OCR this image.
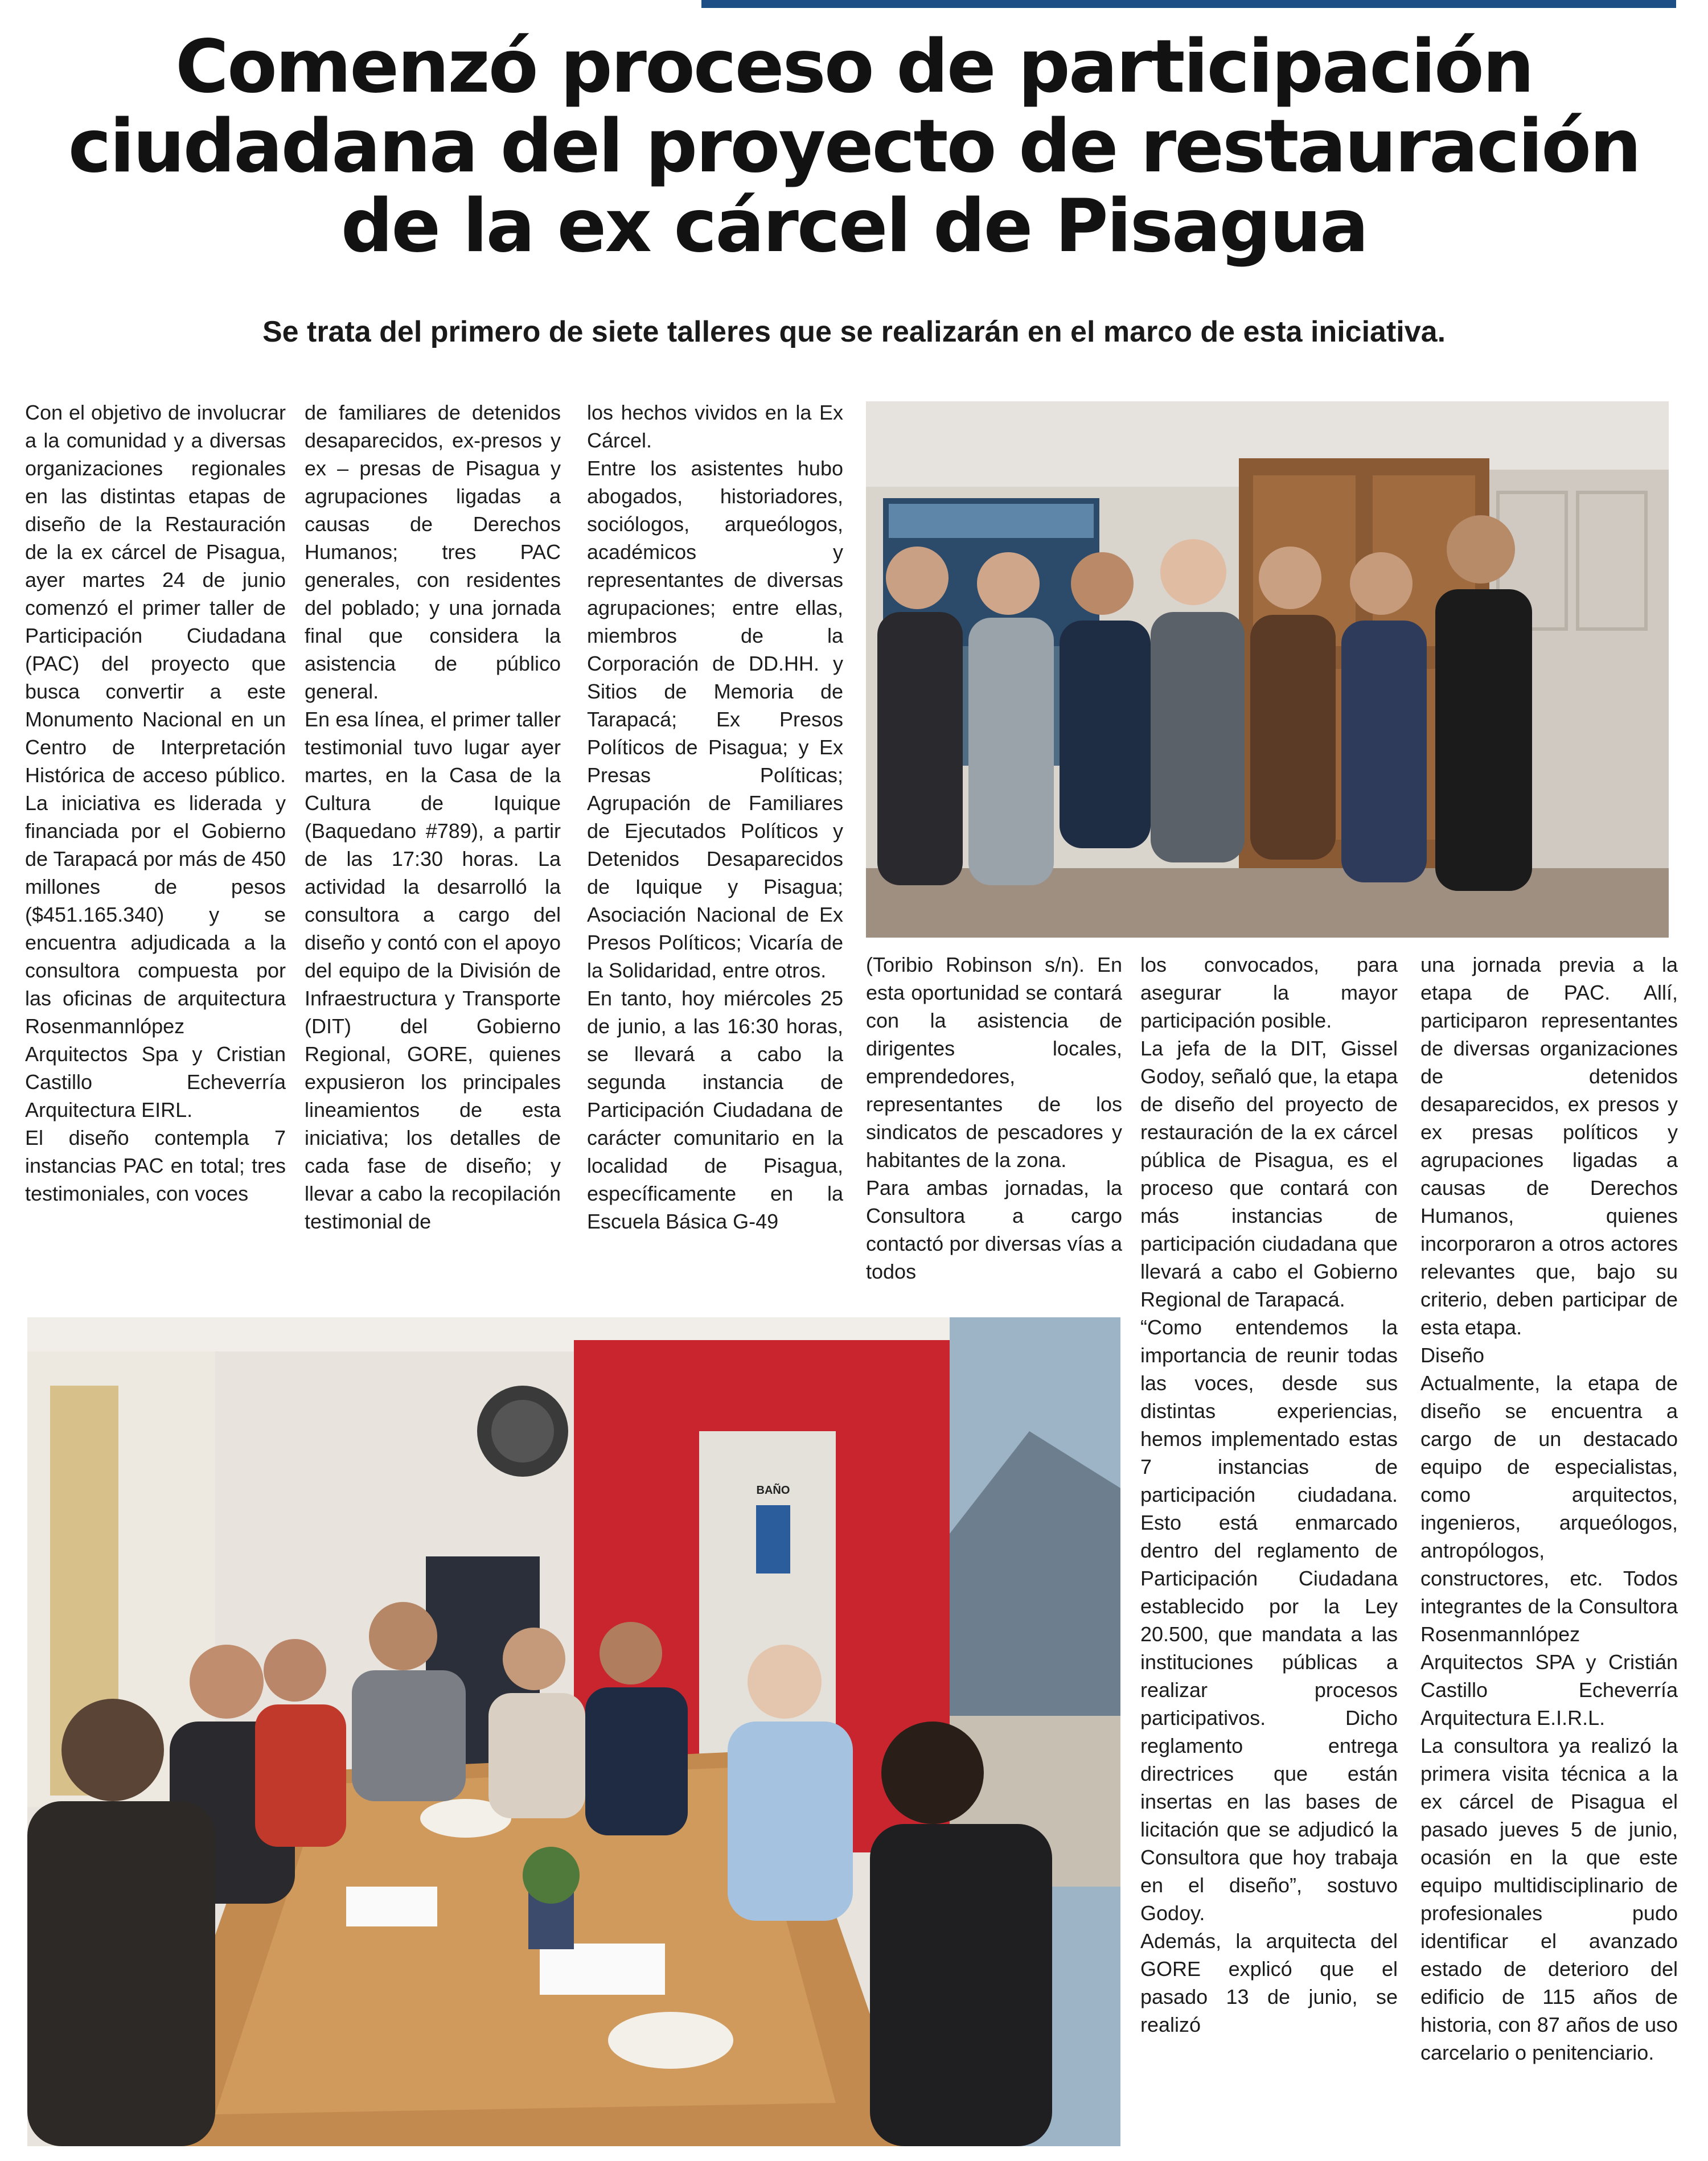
Comenzó proceso de participación ciudadana del proyecto de restauración de la ex cárcel de Pisagua
Se trata del primero de siete talleres que se realizarán en el marco de esta iniciativa.

Con el objetivo de involucrar a la comunidad y a diversas organizaciones regionales en las distintas etapas de diseño de la Restauración de la ex cárcel de Pisagua, ayer martes 24 de junio comenzó el primer taller de Participación Ciudadana (PAC) del proyecto que busca convertir a este Monumento Nacional en un Centro de Interpretación Histórica de acceso público. La iniciativa es liderada y financiada por el Gobierno de Tarapacá por más de 450 millones de pesos ($451.165.340) y se encuentra adjudicada a la consultora compuesta por las oficinas de arquitectura Rosenmannlópez Arquitectos Spa y Cristian Castillo Echeverría Arquitectura EIRL.

El diseño contempla 7 instancias PAC en total; tres testimoniales, con voces

de familiares de detenidos desaparecidos, ex-presos y ex – presas de Pisagua y agrupaciones ligadas a causas de Derechos Humanos; tres PAC generales, con residentes del poblado; y una jornada final que considera la asistencia de público general.

En esa línea, el primer taller testimonial tuvo lugar ayer martes, en la Casa de la Cultura de Iquique (Baquedano #789), a partir de las 17:30 horas. La actividad la desarrolló la consultora a cargo del diseño y contó con el apoyo del equipo de la División de Infraestructura y Transporte (DIT) del Gobierno Regional, GORE, quienes expusieron los principales lineamientos de esta iniciativa; los detalles de cada fase de diseño; y llevar a cabo la recopilación testimonial de

los hechos vividos en la Ex Cárcel.

Entre los asistentes hubo abogados, historiadores, sociólogos, arqueólogos, académicos y representantes de diversas agrupaciones; entre ellas, miembros de la Corporación de DD.HH. y Sitios de Memoria de Tarapacá; Ex Presos Políticos de Pisagua; y Ex Presas Políticas; Agrupación de Familiares de Ejecutados Políticos y Detenidos Desaparecidos de Iquique y Pisagua; Asociación Nacional de Ex Presos Políticos; Vicaría de la Solidaridad, entre otros.

En tanto, hoy miércoles 25 de junio, a las 16:30 horas, se llevará a cabo la segunda instancia de Participación Ciudadana de carácter comunitario en la localidad de Pisagua, específicamente en la Escuela Básica G-49

(Toribio Robinson s/n). En esta oportunidad se contará con la asistencia de dirigentes locales, emprendedores, representantes de los sindicatos de pescadores y habitantes de la zona.

Para ambas jornadas, la Consultora a cargo contactó por diversas vías a todos

los convocados, para asegurar la mayor participación posible.

La jefa de la DIT, Gissel Godoy, señaló que, la etapa de diseño del proyecto de restauración de la ex cárcel pública de Pisagua, es el proceso que contará con más instancias de participación ciudadana que llevará a cabo el Gobierno Regional de Tarapacá.

“Como entendemos la importancia de reunir todas las voces, desde sus distintas experiencias, hemos implementado estas 7 instancias de participación ciudadana. Esto está enmarcado dentro del reglamento de Participación Ciudadana establecido por la Ley 20.500, que mandata a las instituciones públicas a realizar procesos participativos. Dicho reglamento entrega directrices que están insertas en las bases de licitación que se adjudicó la Consultora que hoy trabaja en el diseño”, sostuvo Godoy.

Además, la arquitecta del GORE explicó que el pasado 13 de junio, se realizó

una jornada previa a la etapa de PAC. Allí, participaron representantes de diversas organizaciones de detenidos desaparecidos, ex presos y ex presas políticos y agrupaciones ligadas a causas de Derechos Humanos, quienes incorporaron a otros actores relevantes que, bajo su criterio, deben participar de esta etapa.

Diseño

Actualmente, la etapa de diseño se encuentra a cargo de un destacado equipo de especialistas, como arquitectos, ingenieros, arqueólogos, antropólogos, constructores, etc. Todos integrantes de la Consultora Rosenmannlópez Arquitectos SPA y Cristián Castillo Echeverría Arquitectura E.I.R.L.

La consultora ya realizó la primera visita técnica a la ex cárcel de Pisagua el pasado jueves 5 de junio, ocasión en la que este equipo multidisciplinario de profesionales pudo identificar el avanzado estado de deterioro del edificio de 115 años de historia, con 87 años de uso carcelario o penitenciario.

BAÑO
